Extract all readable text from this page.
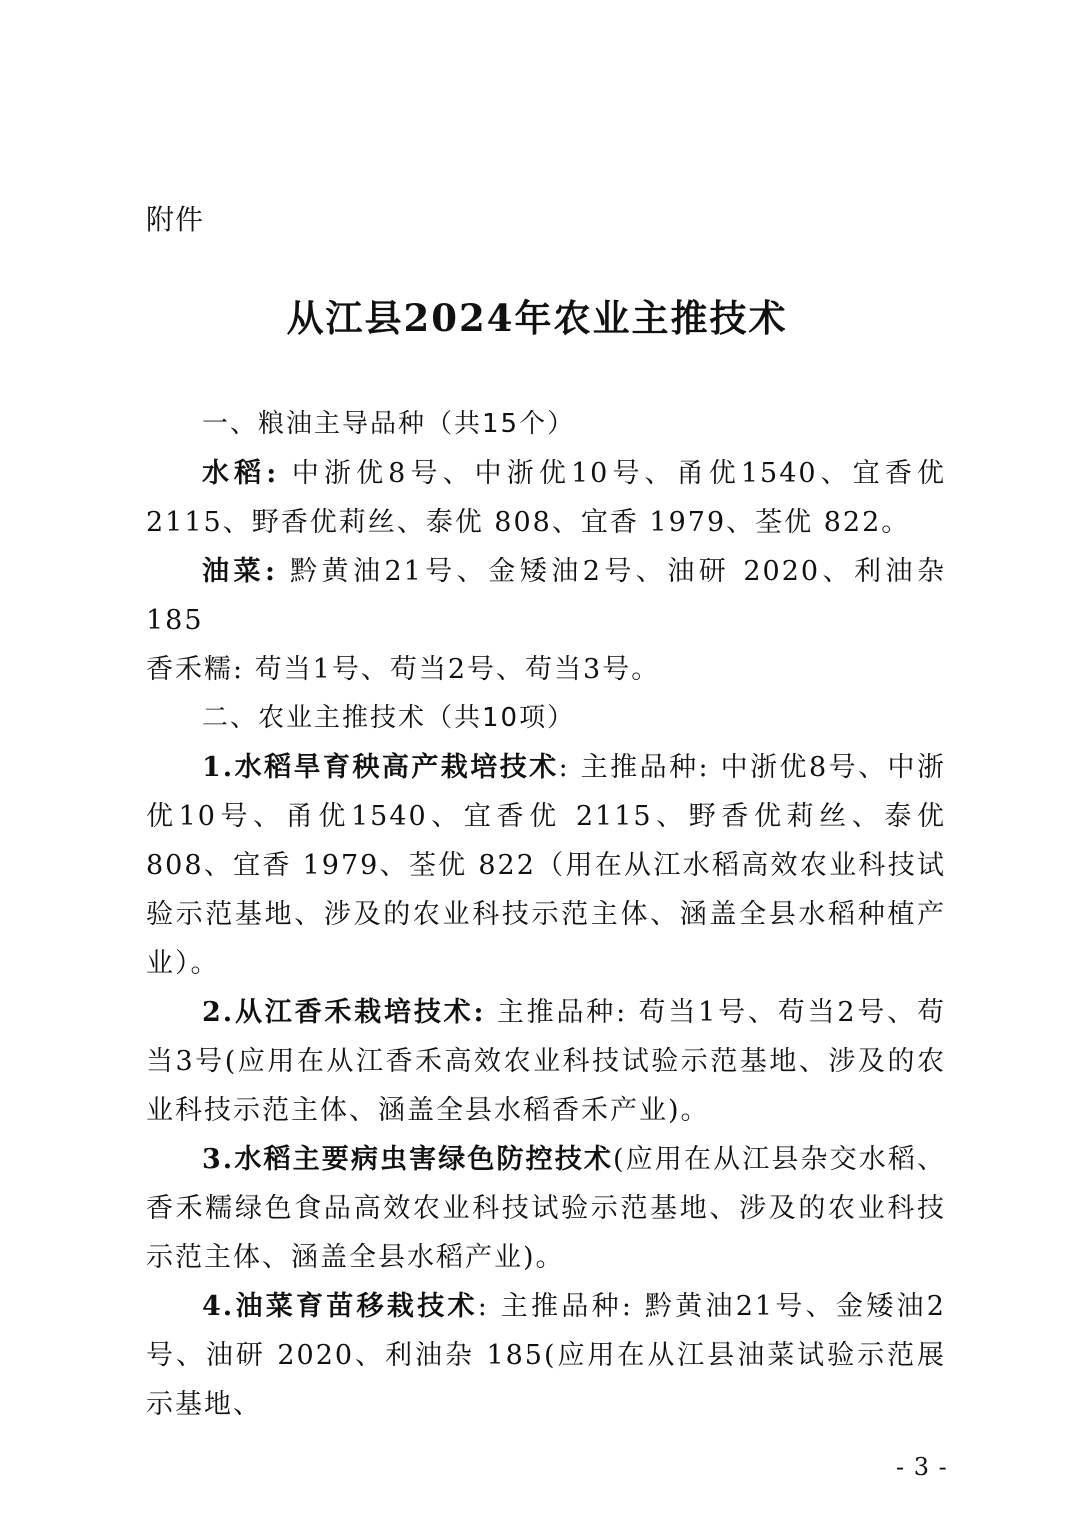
附件
从江县2024年农业主推技术

一、粮油主导品种（共15个）

水稻: 中浙优8号、中浙优10号、甬优1540、宜香优 2115、野香优莉丝、泰优 808、宜香 1979、荃优 822。

油菜: 黔黄油21号、金矮油2号、油研 2020、利油杂185

香禾糯: 苟当1号、苟当2号、苟当3号。

二、农业主推技术（共10项）

1.水稻旱育秧高产栽培技术: 主推品种: 中浙优8号、中浙优10号、甬优1540、宜香优 2115、野香优莉丝、泰优 808、宜香 1979、荃优 822（用在从江水稻高效农业科技试验示范基地、涉及的农业科技示范主体、涵盖全县水稻种植产业）。

2.从江香禾栽培技术: 主推品种: 苟当1号、苟当2号、苟当3号(应用在从江香禾高效农业科技试验示范基地、涉及的农业科技示范主体、涵盖全县水稻香禾产业)。

3.水稻主要病虫害绿色防控技术(应用在从江县杂交水稻、香禾糯绿色食品高效农业科技试验示范基地、涉及的农业科技示范主体、涵盖全县水稻产业)。

4.油菜育苗移栽技术: 主推品种: 黔黄油21号、金矮油2号、油研 2020、利油杂 185(应用在从江县油菜试验示范展示基地、

- 3 -
